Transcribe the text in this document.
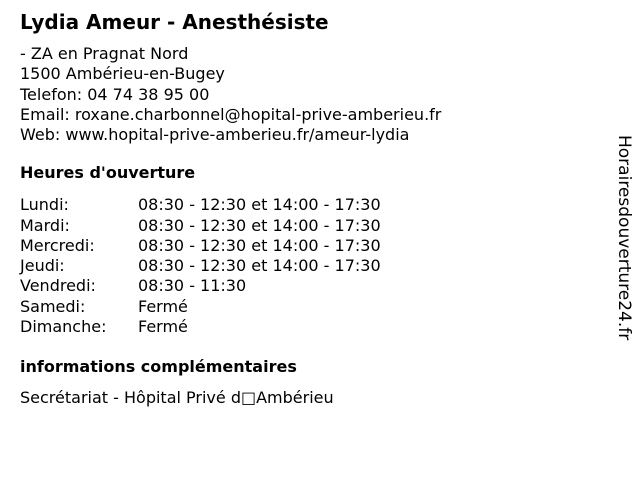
Lydia Ameur - Anesthésiste
- ZA en Pragnat Nord
1500 Ambérieu-en-Bugey
Telefon: 04 74 38 95 00
Email: roxane.charbonnel@hopital-prive-amberieu.fr
Web: www.hopital-prive-amberieu.fr/ameur-lydia
Heures d'ouverture
Lundi:	08:30 - 12:30 et 14:00 - 17:30
Mardi:	08:30 - 12:30 et 14:00 - 17:30
Mercredi:	08:30 - 12:30 et 14:00 - 17:30
Jeudi:	08:30 - 12:30 et 14:00 - 17:30
Vendredi:	08:30 - 11:30
Samedi:	Fermé
Dimanche:	Fermé
informations complémentaires
Secrétariat - Hôpital Privé d□Ambérieu
Horairesdouverture24.fr
